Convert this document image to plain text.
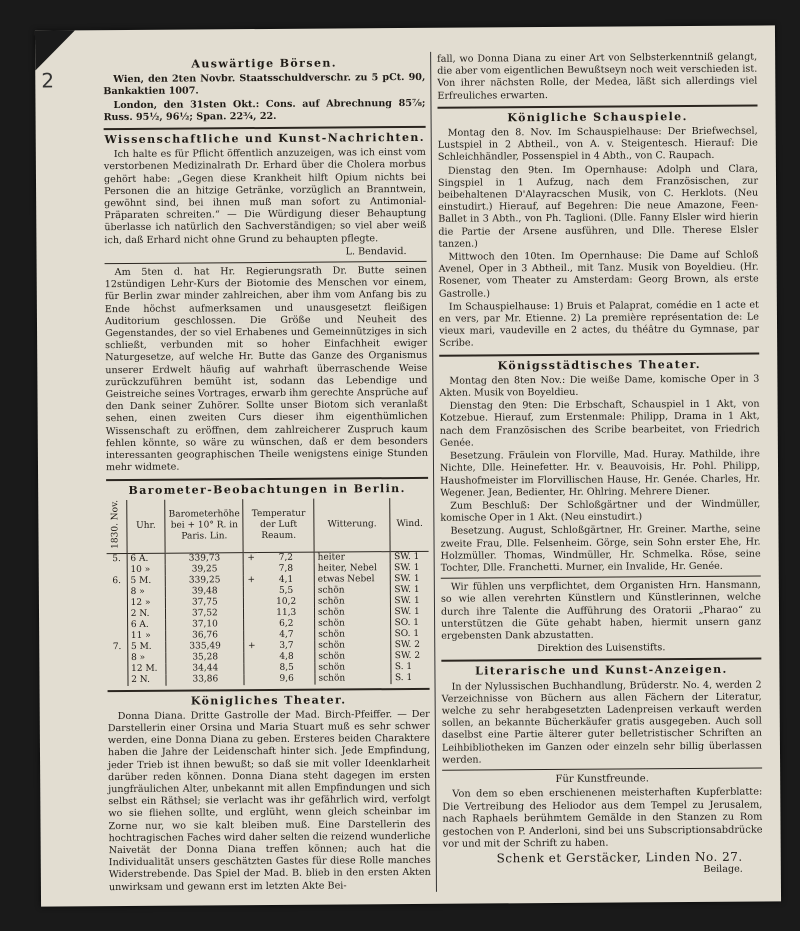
2
Auswärtige Börsen.

Wien, den 2ten Novbr. Staatsschuldverschr. zu 5 pCt. 90, Bankaktien 1007.

London, den 31sten Okt.: Cons. auf Abrechnung 85⅞; Russ. 95½, 96½; Span. 22¾, 22.

Wissenschaftliche und Kunst-Nachrichten.

Ich halte es für Pflicht öffentlich anzuzeigen, was ich einst vom verstorbenen Medizinalrath Dr. Erhard über die Cholera morbus gehört habe: „Gegen diese Krankheit hilft Opium nichts bei Personen die an hitzige Getränke, vorzüglich an Branntwein, gewöhnt sind, bei ihnen muß man sofort zu Antimonial-Präparaten schreiten.“ — Die Würdigung dieser Behauptung überlasse ich natürlich den Sachverständigen; so viel aber weiß ich, daß Erhard nicht ohne Grund zu behaupten pflegte.

L. Bendavid.

Am 5ten d. hat Hr. Regierungsrath Dr. Butte seinen 12stündigen Lehr-Kurs der Biotomie des Menschen vor einem, für Berlin zwar minder zahlreichen, aber ihm vom Anfang bis zu Ende höchst aufmerksamen und unausgesetzt fleißigen Auditorium geschlossen. Die Größe und Neuheit des Gegenstandes, der so viel Erhabenes und Gemeinnütziges in sich schließt, verbunden mit so hoher Einfachheit ewiger Naturgesetze, auf welche Hr. Butte das Ganze des Organismus unserer Erdwelt häufig auf wahrhaft überraschende Weise zurückzuführen bemüht ist, sodann das Lebendige und Geistreiche seines Vortrages, erwarb ihm gerechte Ansprüche auf den Dank seiner Zuhörer. Sollte unser Biotom sich veranlaßt sehen, einen zweiten Curs dieser ihm eigenthümlichen Wissenschaft zu eröffnen, dem zahlreicherer Zuspruch kaum fehlen könnte, so wäre zu wünschen, daß er dem besonders interessanten geographischen Theile wenigstens einige Stunden mehr widmete.

Barometer-Beobachtungen in Berlin.
1830. Nov.	Uhr.	Barometerhöhe bei + 10° R. in Paris. Lin.	Temperatur der Luft Reaum.		Witterung.	Wind.
5.	6 A.	339,73	+	7,2	heiter	SW. 1
	10 »	39,25		7,8	heiter, Nebel	SW. 1
6.	5 M.	339,25	+	4,1	etwas Nebel	SW. 1
	8 »	39,48		5,5	schön	SW. 1
	12 »	37,75		10,2	schön	SW. 1
	2 N.	37,52		11,3	schön	SW. 1
	6 A.	37,10		6,2	schön	SO. 1
	11 »	36,76		4,7	schön	SO. 1
7.	5 M.	335,49	+	3,7	schön	SW. 2
	8 »	35,28		4,8	schön	SW. 2
	12 M.	34,44		8,5	schön	S. 1
	2 N.	33,86		9,6	schön	S. 1
Königliches Theater.

Donna Diana. Dritte Gastrolle der Mad. Birch-Pfeiffer. — Der Darstellerin einer Orsina und Maria Stuart muß es sehr schwer werden, eine Donna Diana zu geben. Ersteres beiden Charaktere haben die Jahre der Leidenschaft hinter sich. Jede Empfindung, jeder Trieb ist ihnen bewußt; so daß sie mit voller Ideenklarheit darüber reden können. Donna Diana steht dagegen im ersten jungfräulichen Alter, unbekannt mit allen Empfindungen und sich selbst ein Räthsel; sie verlacht was ihr gefährlich wird, verfolgt wo sie fliehen sollte, und erglüht, wenn gleich scheinbar im Zorne nur, wo sie kalt bleiben muß. Eine Darstellerin des hochtragischen Faches wird daher selten die reizend wunderliche Naivetät der Donna Diana treffen können; auch hat die Individualität unsers geschätzten Gastes für diese Rolle manches Widerstrebende. Das Spiel der Mad. B. blieb in den ersten Akten unwirksam und gewann erst im letzten Akte Bei-

fall, wo Donna Diana zu einer Art von Selbsterkenntniß gelangt, die aber vom eigentlichen Bewußtseyn noch weit verschieden ist. Von ihrer nächsten Rolle, der Medea, läßt sich allerdings viel Erfreuliches erwarten.

Königliche Schauspiele.

Montag den 8. Nov. Im Schauspielhause: Der Briefwechsel, Lustspiel in 2 Abtheil., von A. v. Steigentesch. Hierauf: Die Schleichhändler, Possenspiel in 4 Abth., von C. Raupach.

Dienstag den 9ten. Im Opernhause: Adolph und Clara, Singspiel in 1 Aufzug, nach dem Französischen, zur beibehaltenen D'Alayracschen Musik, von C. Herklots. (Neu einstudirt.) Hierauf, auf Begehren: Die neue Amazone, Feen-Ballet in 3 Abth., von Ph. Taglioni. (Dlle. Fanny Elsler wird hierin die Partie der Arsene ausführen, und Dlle. Therese Elsler tanzen.)

Mittwoch den 10ten. Im Opernhause: Die Dame auf Schloß Avenel, Oper in 3 Abtheil., mit Tanz. Musik von Boyeldieu. (Hr. Rosener, vom Theater zu Amsterdam: Georg Brown, als erste Gastrolle.)

Im Schauspielhause: 1) Bruis et Palaprat, comédie en 1 acte et en vers, par Mr. Etienne. 2) La première représentation de: Le vieux mari, vaudeville en 2 actes, du théâtre du Gymnase, par Scribe.

Königsstädtisches Theater.

Montag den 8ten Nov.: Die weiße Dame, komische Oper in 3 Akten. Musik von Boyeldieu.

Dienstag den 9ten: Die Erbschaft, Schauspiel in 1 Akt, von Kotzebue. Hierauf, zum Erstenmale: Philipp, Drama in 1 Akt, nach dem Französischen des Scribe bearbeitet, von Friedrich Genée.

Besetzung. Fräulein von Florville, Mad. Huray. Mathilde, ihre Nichte, Dlle. Heinefetter. Hr. v. Beauvoisis, Hr. Pohl. Philipp, Haushofmeister im Florvillischen Hause, Hr. Genée. Charles, Hr. Wegener. Jean, Bedienter, Hr. Ohlring. Mehrere Diener.

Zum Beschluß: Der Schloßgärtner und der Windmüller, komische Oper in 1 Akt. (Neu einstudirt.)

Besetzung. August, Schloßgärtner, Hr. Greiner. Marthe, seine zweite Frau, Dlle. Felsenheim. Görge, sein Sohn erster Ehe, Hr. Holzmüller. Thomas, Windmüller, Hr. Schmelka. Röse, seine Tochter, Dlle. Franchetti. Murner, ein Invalide, Hr. Genée.

Wir fühlen uns verpflichtet, dem Organisten Hrn. Hansmann, so wie allen verehrten Künstlern und Künstlerinnen, welche durch ihre Talente die Aufführung des Oratorii „Pharao“ zu unterstützen die Güte gehabt haben, hiermit unsern ganz ergebensten Dank abzustatten.

Direktion des Luisenstifts.

Literarische und Kunst-Anzeigen.

In der Nylussischen Buchhandlung, Brüderstr. No. 4, werden 2 Verzeichnisse von Büchern aus allen Fächern der Literatur, welche zu sehr herabgesetzten Ladenpreisen verkauft werden sollen, an bekannte Bücherkäufer gratis ausgegeben. Auch soll daselbst eine Partie älterer guter belletristischer Schriften an Leihbibliotheken im Ganzen oder einzeln sehr billig überlassen werden.

Für Kunstfreunde.

Von dem so eben erschienenen meisterhaften Kupferblatte: Die Vertreibung des Heliodor aus dem Tempel zu Jerusalem, nach Raphaels berühmtem Gemälde in den Stanzen zu Rom gestochen von P. Anderloni, sind bei uns Subscriptionsabdrücke vor und mit der Schrift zu haben.

Schenk et Gerstäcker, Linden No. 27.

Beilage.
